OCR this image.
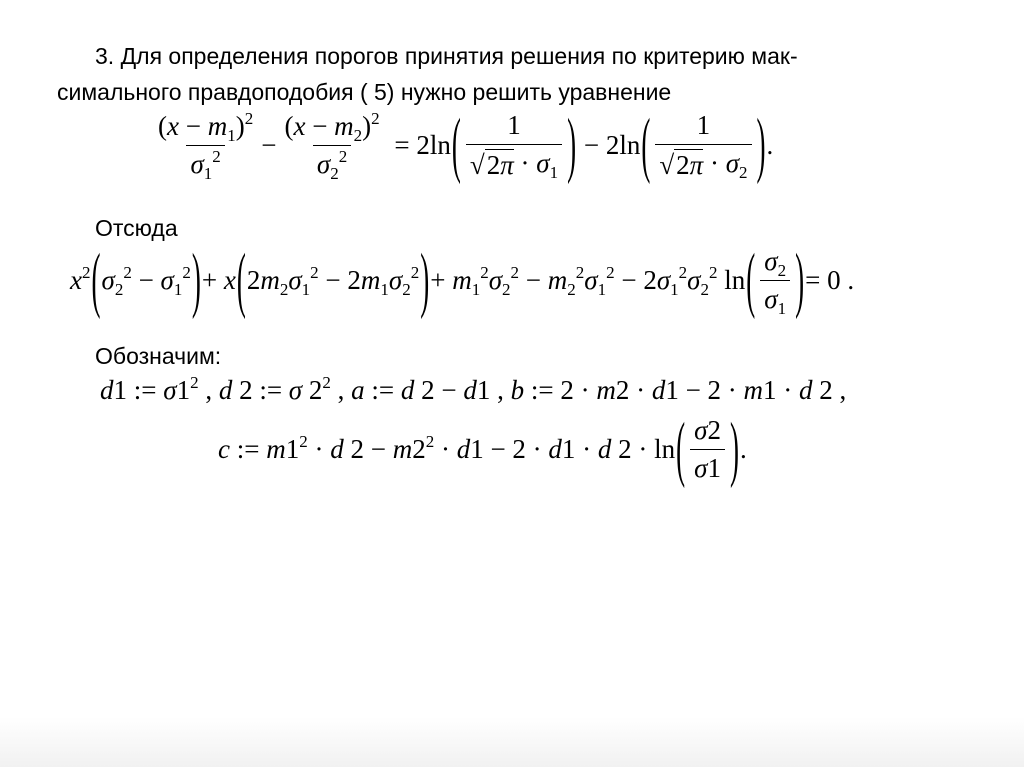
3. Для определения порогов принятия решения по критерию мак-
симального правдоподобия ( 5) нужно решить уравнение
$\frac{(x - m_1)^2}{\sigma_1^2} - \frac{(x - m_2)^2}{\sigma_2^2} = 2\ln( \frac{1}{√2\pi \cdot \sigma_1}$ ) − $2\ln( \frac{1}{√2\pi \cdot \sigma_2}$ ).
Отсюда
$x^2(\sigma_2^2 - \sigma_1^2)+ x(2m_2\sigma_1^2 - 2m_1\sigma_2^2)+ m_1^2\sigma_2^2 - m_2^2\sigma_1^2 - 2\sigma_1^2\sigma_2^2$ $\ln( \frac{\sigma_2}{\sigma_1}$ )= 0 .
Обозначим:
d1 := $\sigma 1^2$ , d 2 := σ $2^2$ , a := d 2 − d1 , b := 2 · m2 · d1 − 2 · m1 · d 2 ,
c := $m1^2 \cdot d$ $2 - m2^2 \cdot d1 - 2 \cdot d1 \cdot d$ $2 \cdot \ln( \frac{\sigma 2}{\sigma 1}$ ).
